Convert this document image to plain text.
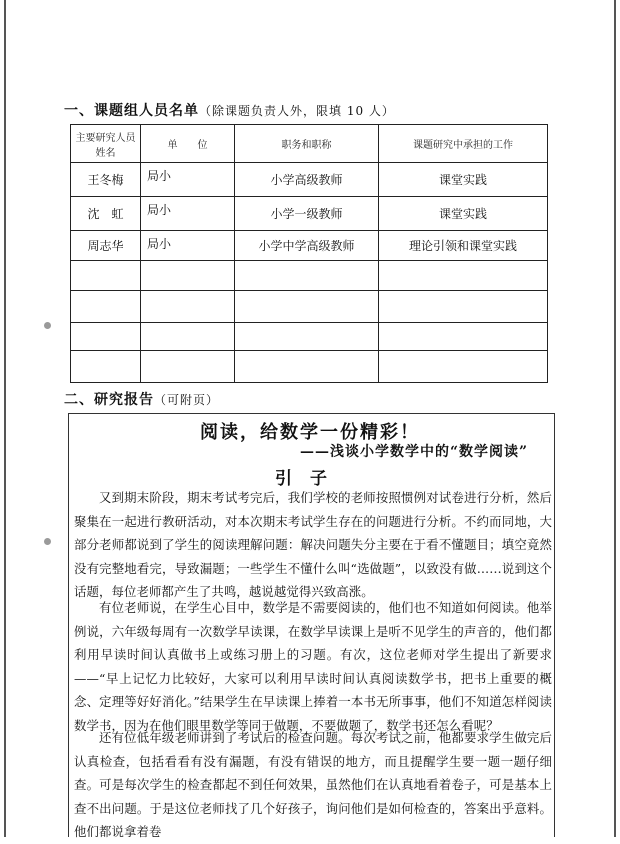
一、课题组人员名单（除课题负责人外，限填 10 人）
主要研究人员姓名	单　　位	职务和职称	课题研究中承担的工作
王冬梅	局小	小学高级教师	课堂实践
沈　虹	局小	小学一级教师	课堂实践
周志华	局小	小学中学高级教师	理论引领和课堂实践

二、研究报告（可附页）
阅读，给数学一份精彩！
——浅谈小学数学中的“数学阅读”
引子

又到期末阶段，期末考试考完后，我们学校的老师按照惯例对试卷进行分析，然后聚集在一起进行教研活动，对本次期末考试学生存在的问题进行分析。不约而同地，大部分老师都说到了学生的阅读理解问题：解决问题失分主要在于看不懂题目；填空竟然没有完整地看完，导致漏题；一些学生不懂什么叫“选做题”，以致没有做……说到这个话题，每位老师都产生了共鸣，越说越觉得兴致高涨。

有位老师说，在学生心目中，数学是不需要阅读的，他们也不知道如何阅读。他举例说，六年级每周有一次数学早读课，在数学早读课上是听不见学生的声音的，他们都利用早读时间认真做书上或练习册上的习题。有次，这位老师对学生提出了新要求——“早上记忆力比较好，大家可以利用早读时间认真阅读数学书，把书上重要的概念、定理等好好消化。”结果学生在早读课上捧着一本书无所事事，他们不知道怎样阅读数学书，因为在他们眼里数学等同于做题，不要做题了，数学书还怎么看呢？

还有位低年级老师讲到了考试后的检查问题。每次考试之前，他都要求学生做完后认真检查，包括看看有没有漏题，有没有错误的地方，而且提醒学生要一题一题仔细查。可是每次学生的检查都起不到任何效果，虽然他们在认真地看着卷子，可是基本上查不出问题。于是这位老师找了几个好孩子，询问他们是如何检查的，答案出乎意料。他们都说拿着卷
